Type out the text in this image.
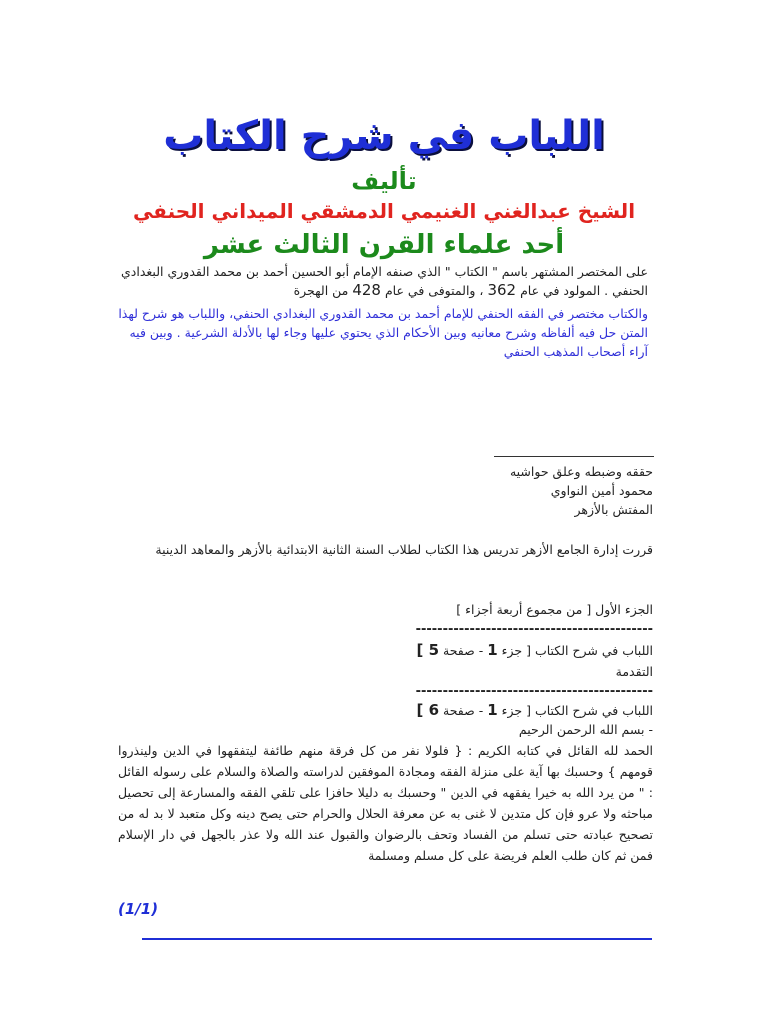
اللباب في شرح الكتاب
تأليف
الشيخ عبدالغني الغنيمي الدمشقي الميداني الحنفي
أحد علماء القرن الثالث عشر
على المختصر المشتهر باسم " الكتاب " الذي صنفه الإمام أبو الحسين أحمد بن محمد القدوري البغدادي الحنفي . المولود في عام 362 ، والمتوفى في عام 428 من الهجرة
والكتاب مختصر في الفقه الحنفي للإمام أحمد بن محمد القدوري البغدادي الحنفي، واللباب هو شرح لهذا المتن حل فيه ألفاظه وشرح معانيه وبين الأحكام الذي يحتوي عليها وجاء لها بالأدلة الشرعية . وبين فيه آراء أصحاب المذهب الحنفي
حققه وضبطه وعلق حواشيه
محمود أمين النواوي
المفتش بالأزهر
قررت إدارة الجامع الأزهر تدريس هذا الكتاب لطلاب السنة الثانية الابتدائية بالأزهر والمعاهد الدينية
الجزء الأول [ من مجموع أربعة أجزاء ]
--------------------------------------------
اللباب في شرح الكتاب [ جزء 1 - صفحة 5 ]
التقدمة
--------------------------------------------
اللباب في شرح الكتاب [ جزء 1 - صفحة 6 ]
- بسم الله الرحمن الرحيم
الحمد لله القائل في كتابه الكريم : { فلولا نفر من كل فرقة منهم طائفة ليتفقهوا في الدين ولينذروا قومهم } وحسبك بها آية على منزلة الفقه ومجادة الموفقين لدراسته والصلاة والسلام على رسوله القائل : " من يرد الله به خيرا يفقهه في الدين " وحسبك به دليلا حافزا على تلقي الفقه والمسارعة إلى تحصيل مباحثه ولا عرو فإن كل متدين لا غنى به عن معرفة الحلال والحرام حتى يصح دينه وكل متعبد لا بد له من تصحيح عبادته حتى تسلم من الفساد وتحف بالرضوان والقبول عند الله ولا عذر بالجهل في دار الإسلام فمن ثم كان طلب العلم فريضة على كل مسلم ومسلمة
(1/1)
